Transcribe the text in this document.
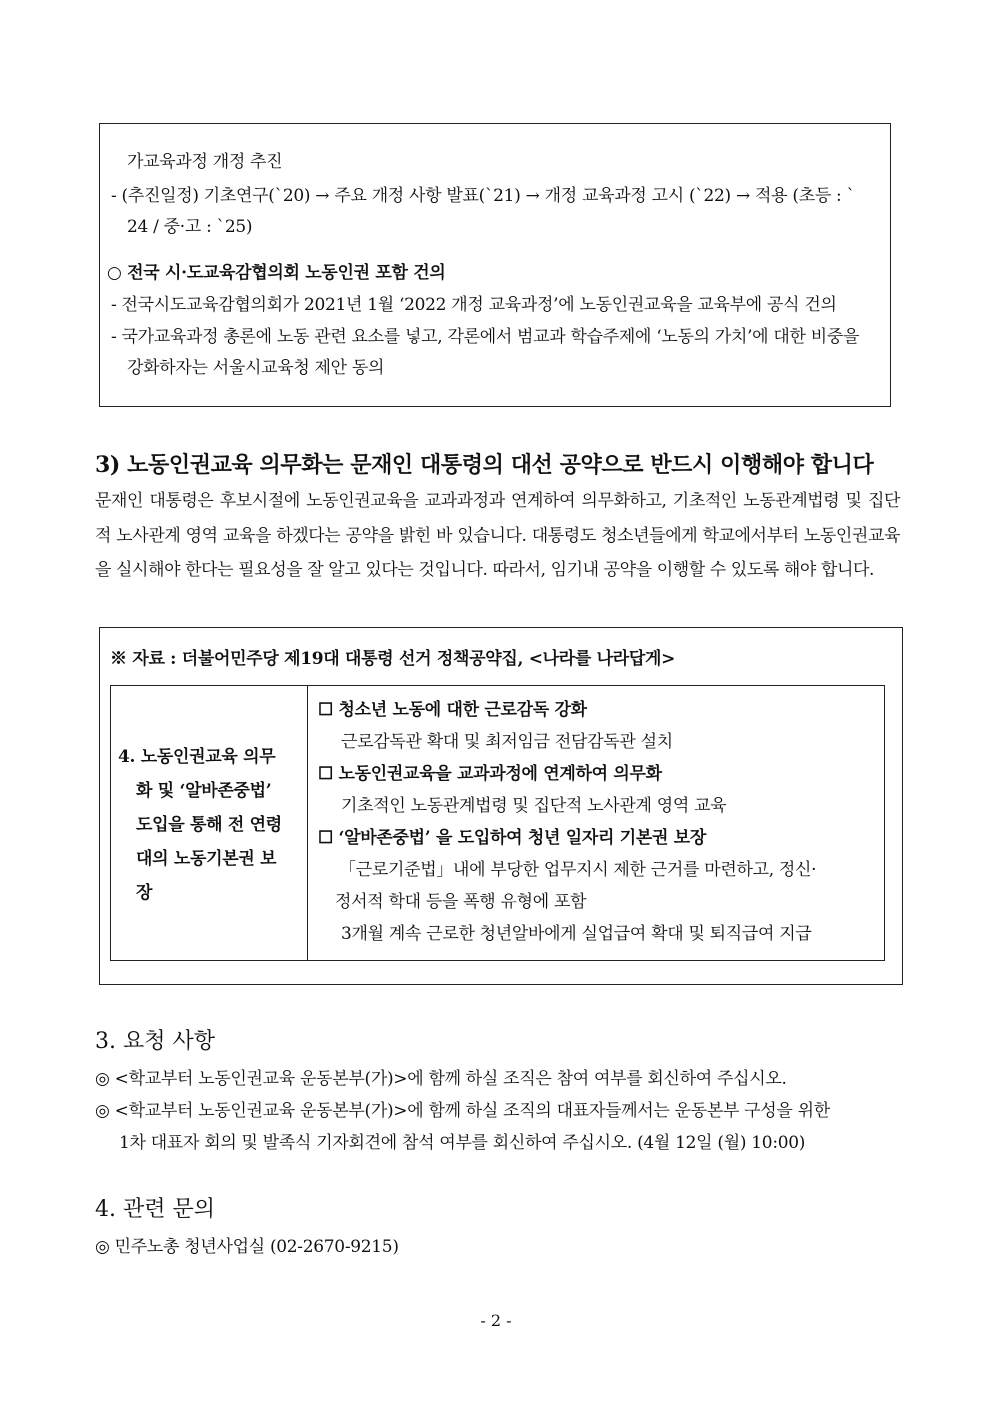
가교육과정 개정 추진
- (추진일정) 기초연구(`20) → 주요 개정 사항 발표(`21) → 개정 교육과정 고시 (`22) → 적용 (초등 : `
24 / 중·고 : `25)
○ 전국 시·도교육감협의회 노동인권 포함 건의
- 전국시도교육감협의회가 2021년 1월 ‘2022 개정 교육과정’에 노동인권교육을 교육부에 공식 건의
- 국가교육과정 총론에 노동 관련 요소를 넣고, 각론에서 범교과 학습주제에 ‘노동의 가치’에 대한 비중을
강화하자는 서울시교육청 제안 동의
3) 노동인권교육 의무화는 문재인 대통령의 대선 공약으로 반드시 이행해야 합니다
문재인 대통령은 후보시절에 노동인권교육을 교과과정과 연계하여 의무화하고, 기초적인 노동관계법령 및 집단적 노사관계 영역 교육을 하겠다는 공약을 밝힌 바 있습니다. 대통령도 청소년들에게 학교에서부터 노동인권교육을 실시해야 한다는 필요성을 잘 알고 있다는 것입니다. 따라서, 임기내 공약을 이행할 수 있도록 해야 합니다.
※ 자료 : 더불어민주당 제19대 대통령 선거 정책공약집, <나라를 나라답게>
4. 노동인권교육 의무
화 및 ‘알바존중법’
도입을 통해 전 연령
대의 노동기본권 보
장
☐ 청소년 노동에 대한 근로감독 강화
근로감독관 확대 및 최저임금 전담감독관 설치
☐ 노동인권교육을 교과과정에 연계하여 의무화
기초적인 노동관계법령 및 집단적 노사관계 영역 교육
☐ ‘알바존중법’ 을 도입하여 청년 일자리 기본권 보장
「근로기준법」내에 부당한 업무지시 제한 근거를 마련하고, 정신·
정서적 학대 등을 폭행 유형에 포함
3개월 계속 근로한 청년알바에게 실업급여 확대 및 퇴직급여 지급
3. 요청 사항
◎ <학교부터 노동인권교육 운동본부(가)>에 함께 하실 조직은 참여 여부를 회신하여 주십시오.
◎ <학교부터 노동인권교육 운동본부(가)>에 함께 하실 조직의 대표자들께서는 운동본부 구성을 위한
1차 대표자 회의 및 발족식 기자회견에 참석 여부를 회신하여 주십시오. (4월 12일 (월) 10:00)
4. 관련 문의
◎ 민주노총 청년사업실 (02-2670-9215)
- 2 -
